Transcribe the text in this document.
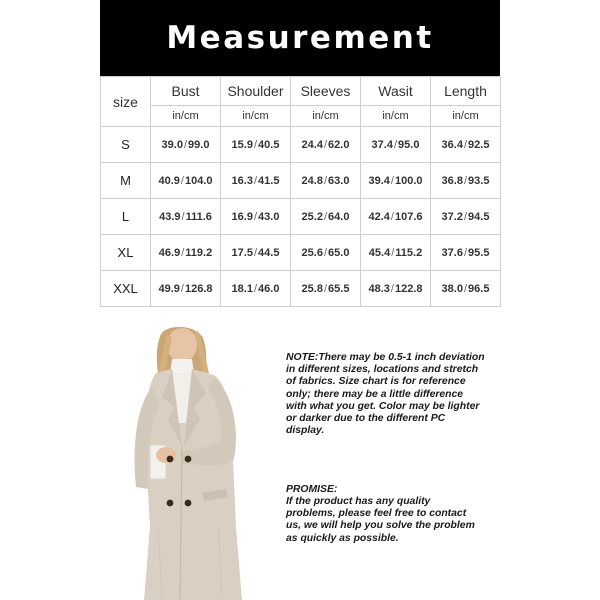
Measurement
size	Bust	Shoulder	Sleeves	Wasit	Length
	in/cm	in/cm	in/cm	in/cm	in/cm
S	39.0/99.0	15.9/40.5	24.4/62.0	37.4/95.0	36.4/92.5
M	40.9/104.0	16.3/41.5	24.8/63.0	39.4/100.0	36.8/93.5
L	43.9/111.6	16.9/43.0	25.2/64.0	42.4/107.6	37.2/94.5
XL	46.9/119.2	17.5/44.5	25.6/65.0	45.4/115.2	37.6/95.5
XXL	49.9/126.8	18.1/46.0	25.8/65.5	48.3/122.8	38.0/96.5

NOTE:There may be 0.5-1 inch deviation in different sizes, locations and stretch of fabrics. Size chart is for reference only; there may be a little difference with what you get. Color may be lighter or darker due to the different PC display.

PROMISE:

If the product has any quality problems, please feel free to contact us, we will help you solve the problem as quickly as possible.
